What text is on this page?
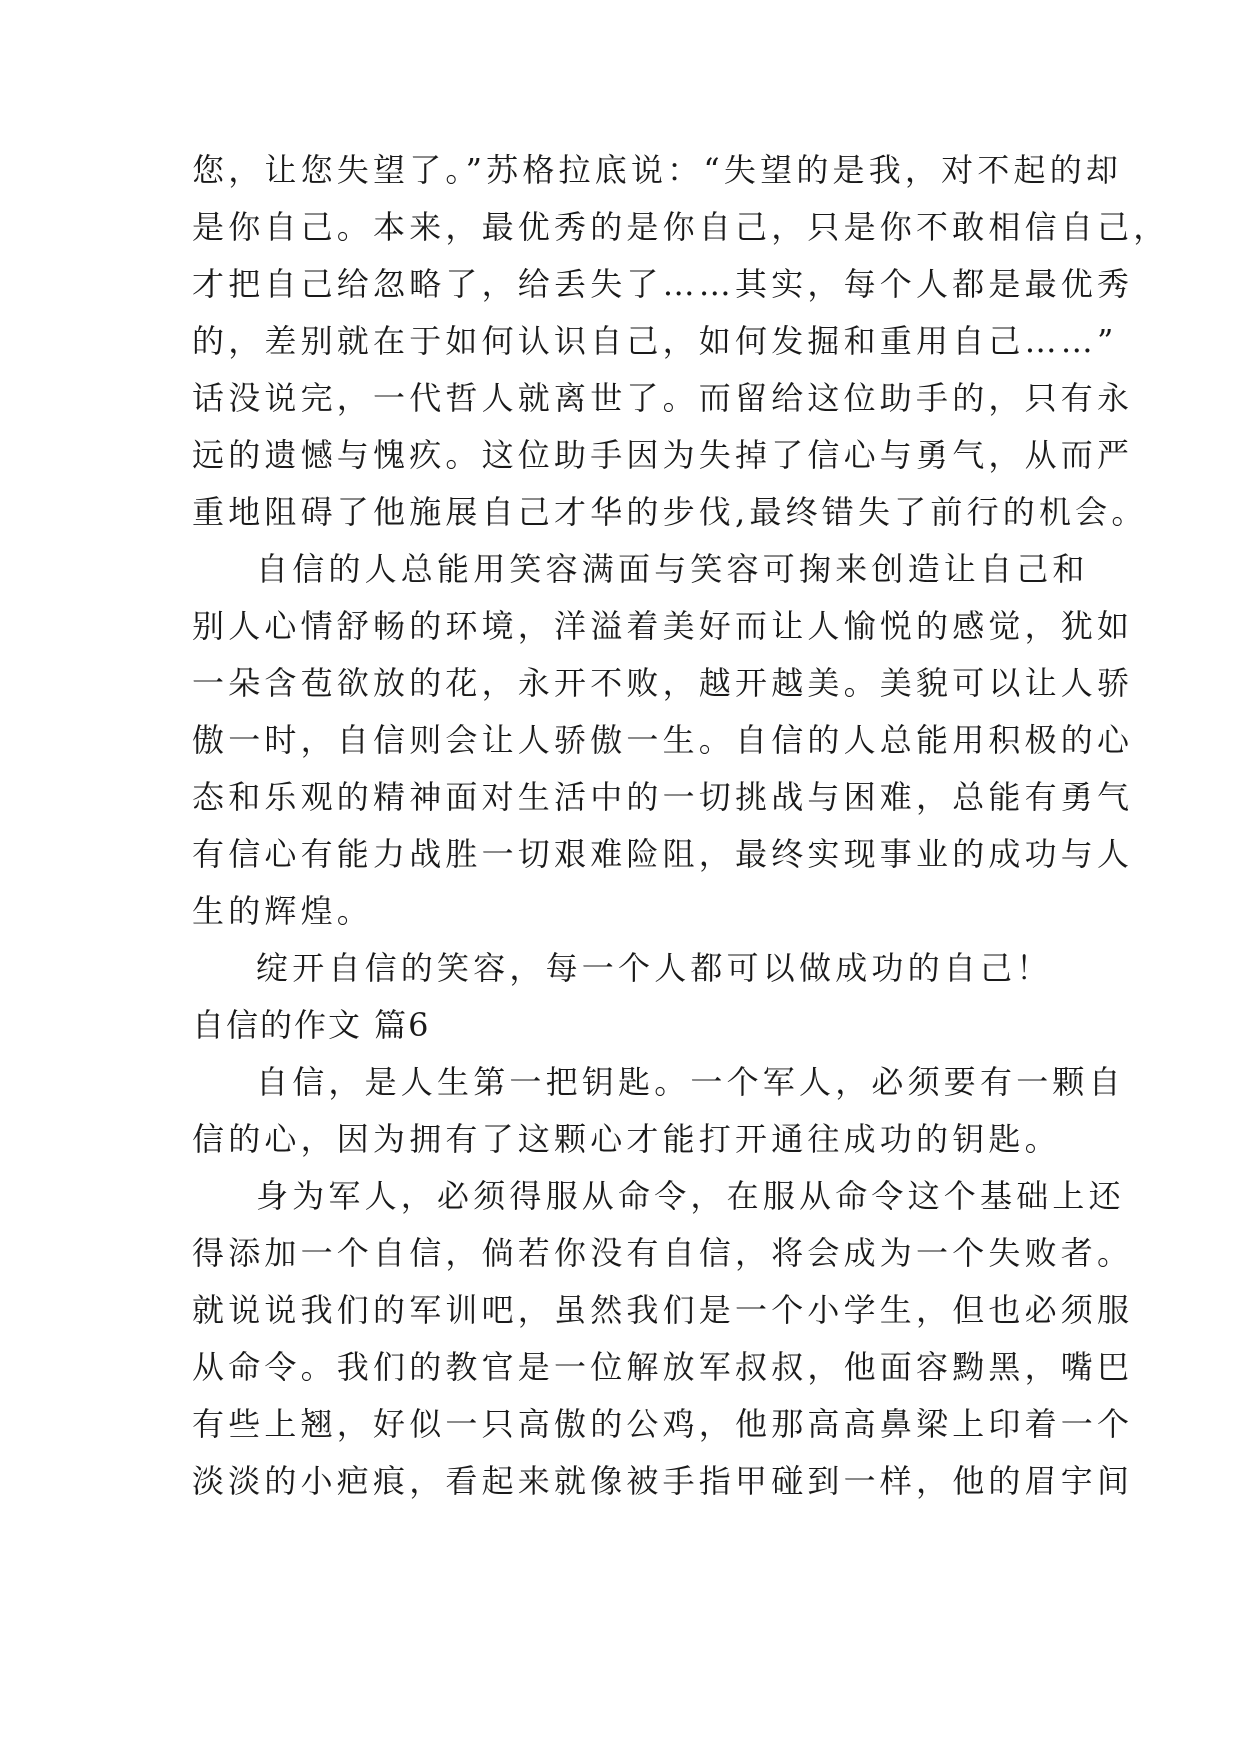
您，让您失望了。”苏格拉底说：“失望的是我，对不起的却
是你自己。本来，最优秀的是你自己，只是你不敢相信自己，
才把自己给忽略了，给丢失了……其实，每个人都是最优秀
的，差别就在于如何认识自己，如何发掘和重用自己……”
话没说完，一代哲人就离世了。而留给这位助手的，只有永
远的遗憾与愧疚。这位助手因为失掉了信心与勇气，从而严
重地阻碍了他施展自己才华的步伐,最终错失了前行的机会。
自信的人总能用笑容满面与笑容可掬来创造让自己和
别人心情舒畅的环境，洋溢着美好而让人愉悦的感觉，犹如
一朵含苞欲放的花，永开不败，越开越美。美貌可以让人骄
傲一时，自信则会让人骄傲一生。自信的人总能用积极的心
态和乐观的精神面对生活中的一切挑战与困难，总能有勇气
有信心有能力战胜一切艰难险阻，最终实现事业的成功与人
生的辉煌。
绽开自信的笑容，每一个人都可以做成功的自己！
自信的作文 篇6
自信，是人生第一把钥匙。一个军人，必须要有一颗自
信的心，因为拥有了这颗心才能打开通往成功的钥匙。
身为军人，必须得服从命令，在服从命令这个基础上还
得添加一个自信，倘若你没有自信，将会成为一个失败者。
就说说我们的军训吧，虽然我们是一个小学生，但也必须服
从命令。我们的教官是一位解放军叔叔，他面容黝黑，嘴巴
有些上翘，好似一只高傲的公鸡，他那高高鼻梁上印着一个
淡淡的小疤痕，看起来就像被手指甲碰到一样，他的眉宇间
